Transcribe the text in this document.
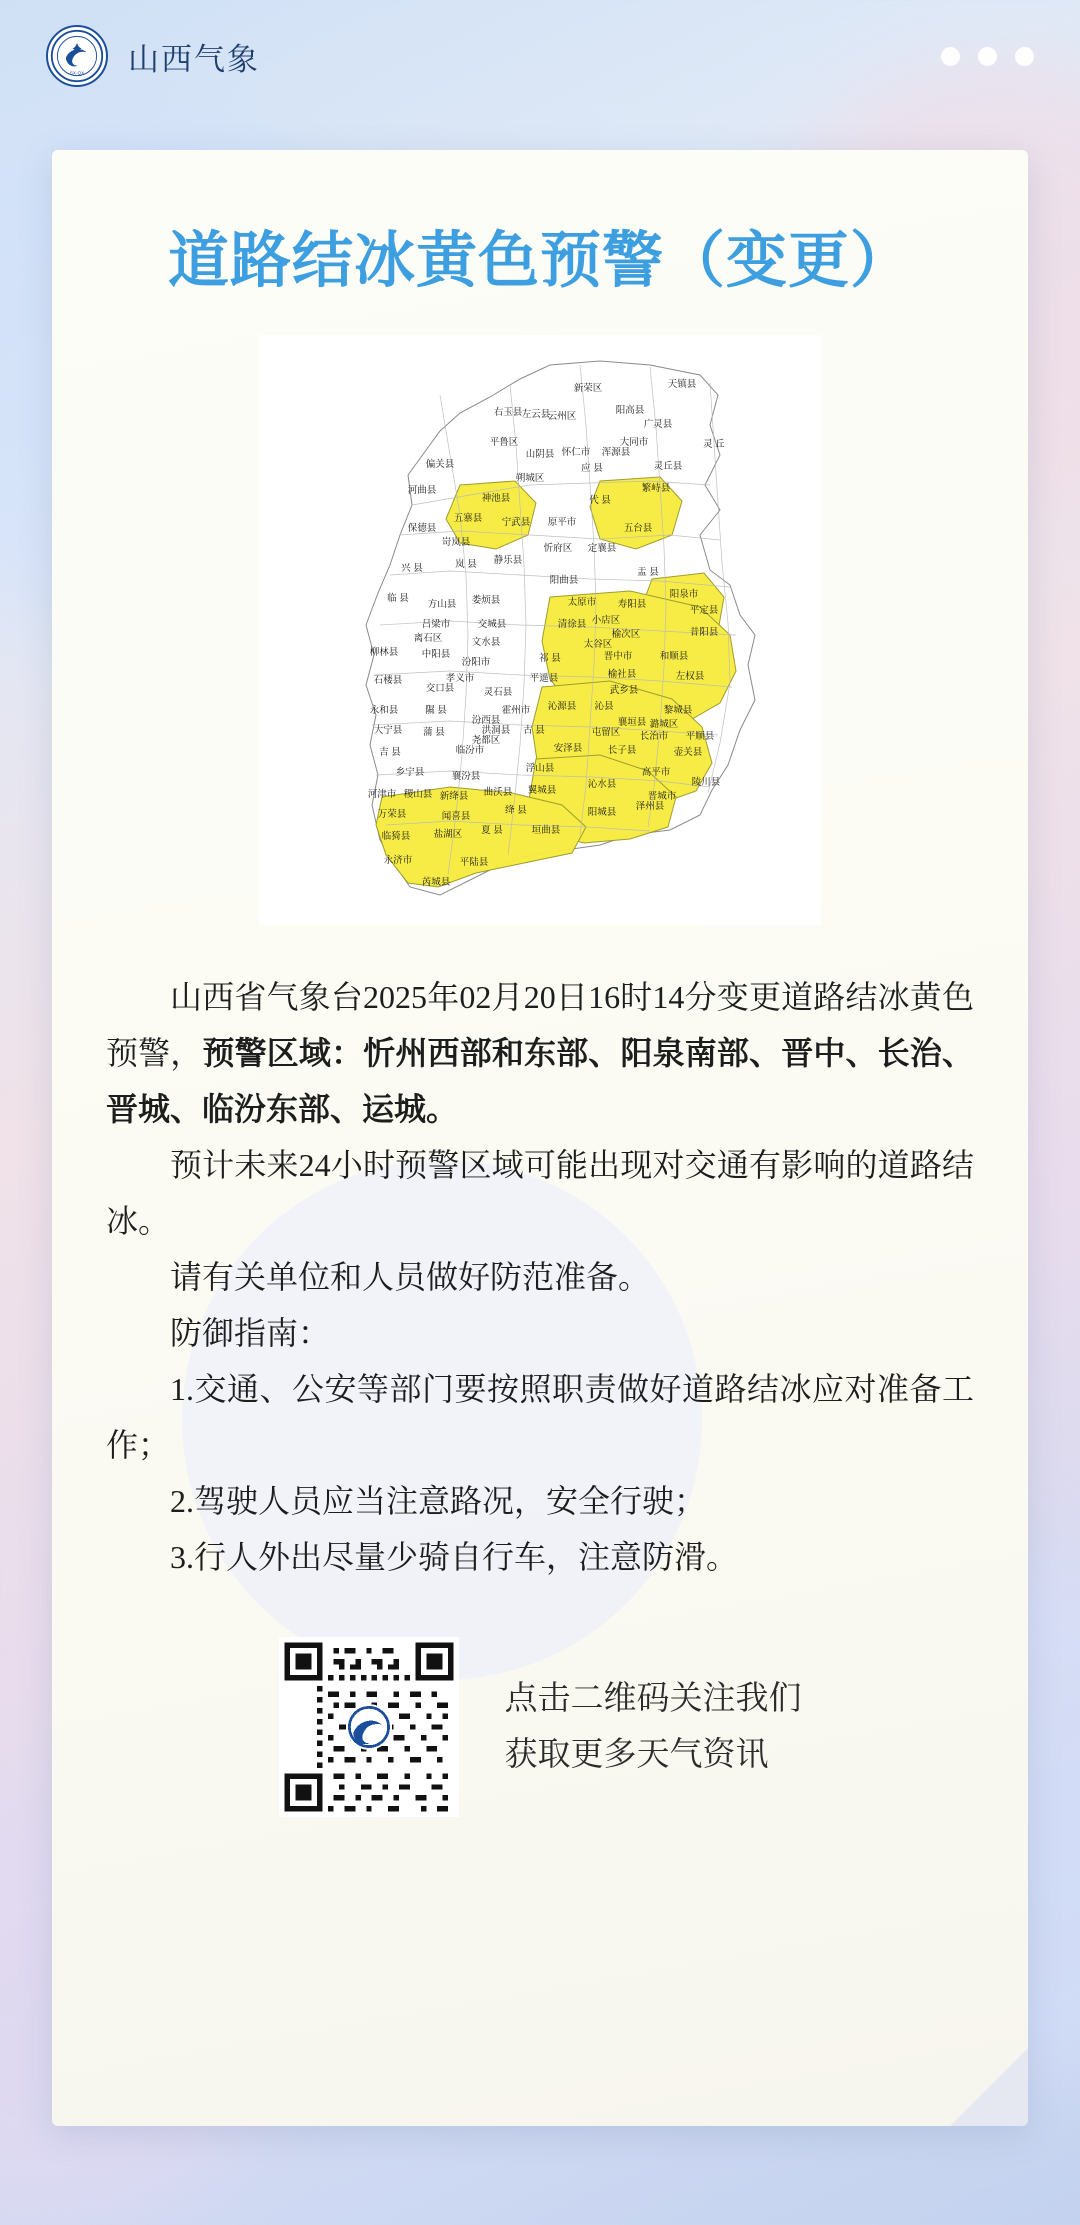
SX·QX 山西气象
道路结冰黄色预警（变更）
天镇县
阳高县
新荣区
广灵县
大同市
灵丘县
灵 丘
浑源县
怀仁市
应 县
云州区
左云县
右玉县
平鲁区
山阴县
朔城区
偏关县
河曲县
神池县
五寨县
保德县
岢岚县
宁武县 原平市
代 县
繁峙县
五台县
定襄县
忻府区
静乐县
岚 县
兴 县	盂 县
阳曲县
阳泉市
娄烦县
临 县
方山县	太原市 寿阳县
平定县
吕梁市	交城县	清徐县 小店区
昔阳县
离石区	文水县	太谷区
榆次区
柳林县 中阳县
汾阳市	祁 县	晋中市	和顺县
孝义市	平遥县	榆社县	左权县
石楼县
交口县	灵石县	武乡县
沁源县 沁县	黎城县
永和县	隰 县
汾西县
霍州市
潞城区
襄垣县
大宁县 蒲 县	洪洞县 古 县	屯留区 长治市 平顺县
吉 县	临汾市	安泽县	长子县	壶关县
尧都区
乡宁县	襄汾县
浮山县	高平市
陵川县
河津市	新绛县 曲沃县 翼城县
沁水县
晋城市
稷山县
万荣县	闻喜县
绛 县	阳城县
泽州县
临猗县 盐湖区 夏 县	垣曲县
永济市	平陆县
芮城县

山西省气象台2025年02月20日16时14分变更道路结冰黄色预警，预警区域：忻州西部和东部、阳泉南部、晋中、长治、晋城、临汾东部、运城。

预计未来24小时预警区域可能出现对交通有影响的道路结冰。

请有关单位和人员做好防范准备。

防御指南：

1.交通、公安等部门要按照职责做好道路结冰应对准备工作；

2.驾驶人员应当注意路况，安全行驶；

3.行人外出尽量少骑自行车，注意防滑。

点击二维码关注我们
获取更多天气资讯
